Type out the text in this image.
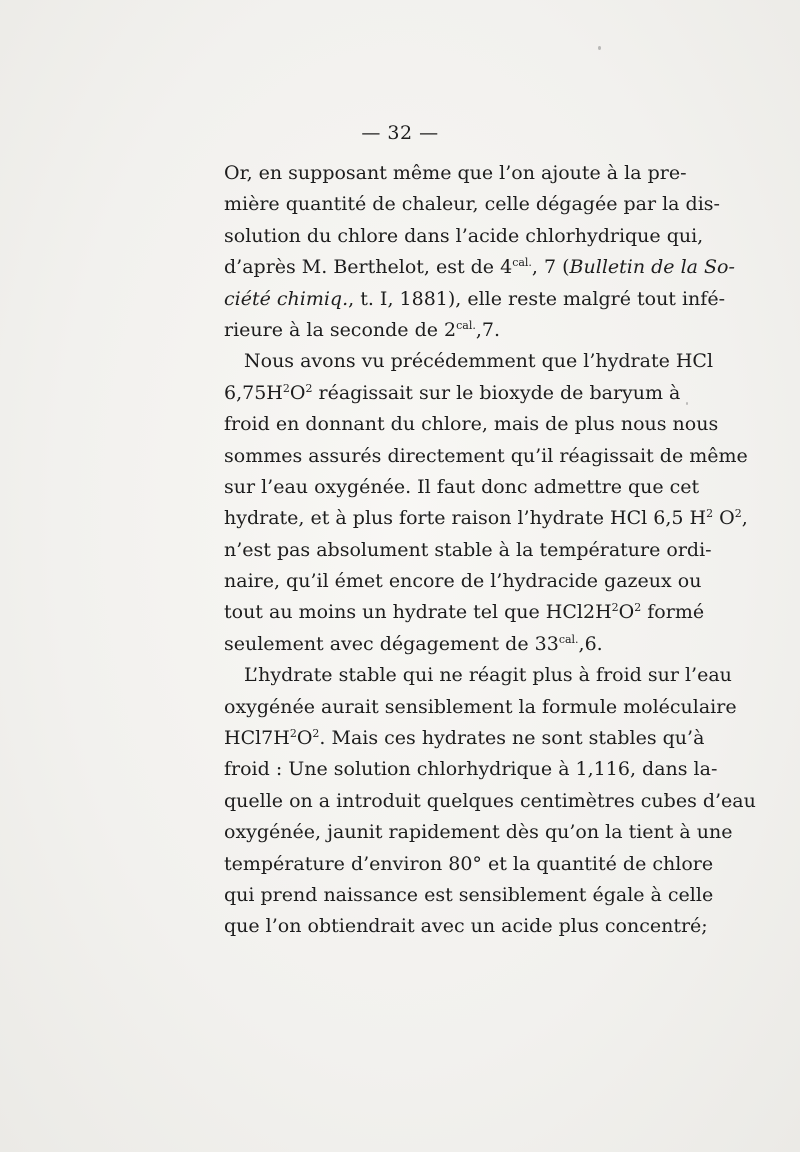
— 32 —
Or, en supposant même que l’on ajoute à la pre-
mière quantité de chaleur, celle dégagée par la dis-
solution du chlore dans l’acide chlorhydrique qui,
d’après M. Berthelot, est de $4^{cal.}$, 7 (Bulletin de la So-
ciété chimiq., t. I, 1881), elle reste malgré tout infé-
rieure à la seconde de $2^{cal.},7$.
Nous avons vu précédemment que l’hydrate HCl
$6,75H^2O^2$ réagissait sur le bioxyde de baryum à
froid en donnant du chlore, mais de plus nous nous
sommes assurés directement qu’il réagissait de même
sur l’eau oxygénée. Il faut donc admettre que cet
hydrate, et à plus forte raison l’hydrate HCl 6,5 $H^2$ $O^2$,
n’est pas absolument stable à la température ordi-
naire, qu’il émet encore de l’hydracide gazeux ou
tout au moins un hydrate tel que $HCl2H^2O^2$ formé
seulement avec dégagement de $33^{cal.},6$.
L’hydrate stable qui ne réagit plus à froid sur l’eau
oxygénée aurait sensiblement la formule moléculaire
$HCl7H^2O^2$. Mais ces hydrates ne sont stables qu’à
froid : Une solution chlorhydrique à 1,116, dans la-
quelle on a introduit quelques centimètres cubes d’eau
oxygénée, jaunit rapidement dès qu’on la tient à une
température d’environ 80° et la quantité de chlore
qui prend naissance est sensiblement égale à celle
que l’on obtiendrait avec un acide plus concentré;
